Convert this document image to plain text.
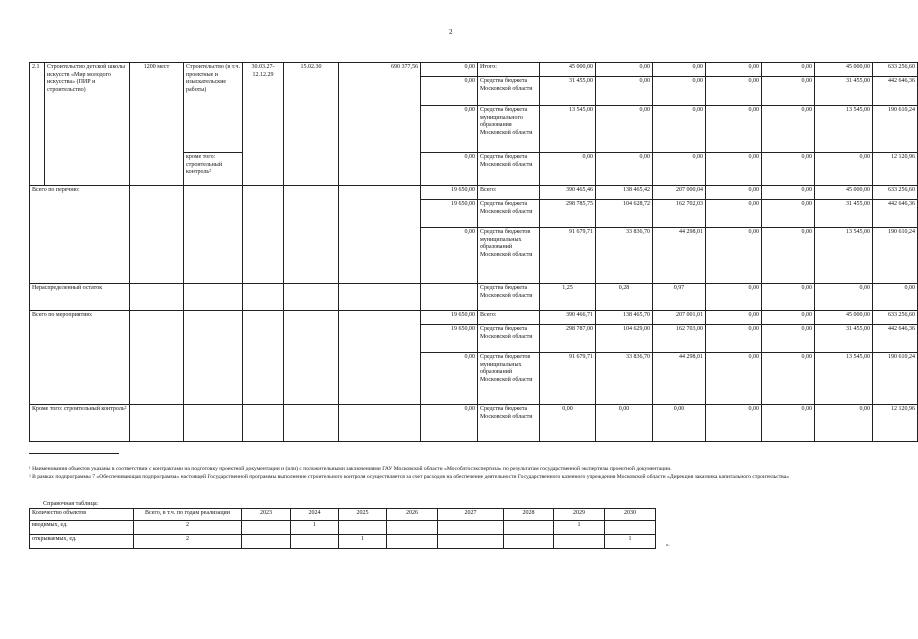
2
2.1	Строительство детской школы искусств «Мир молодого искусства» (ПИР и строительство)	1200 мест	Строительство (в т.ч. проектные и изыскательские работы)	30.03.27-12.12.29	15.02.30	690 377,56	0,00	Итого:	45 000,00	0,00	0,00	0,00	0,00	45 000,00	633 256,60
							0,00	Средства бюджета Московской области	31 455,00	0,00	0,00	0,00	0,00	31 455,00	442 646,36
							0,00	Средства бюджета муниципального образования Московской области	13 545,00	0,00	0,00	0,00	0,00	13 545,00	190 610,24
			кроме того: строительный контроль²				0,00	Средства бюджета Московской области	0,00	0,00	0,00	0,00	0,00	0,00	12 120,96
Всего по перечню:							19 650,00	Всего:	390 465,46	138 465,42	207 000,04	0,00	0,00	45 000,00	633 256,60
							19 650,00	Средства бюджета Московской области	298 785,75	104 628,72	162 702,03	0,00	0,00	31 455,00	442 646,36
							0,00	Средства бюджетов муниципальных образований Московской области	91 679,71	33 836,70	44 298,01	0,00	0,00	13 545,00	190 610,24
Нераспределенный остаток								Средства бюджета Московской области	1,25	0,28	0,97	0,00	0,00	0,00	0,00
Всего по мероприятию:							19 650,00	Всего:	390 466,71	138 465,70	207 001,01	0,00	0,00	45 000,00	633 256,60
							19 650,00	Средства бюджета Московской области	298 787,00	104 629,00	162 703,00	0,00	0,00	31 455,00	442 646,36
							0,00	Средства бюджетов муниципальных образований Московской области	91 679,71	33 836,70	44 298,01	0,00	0,00	13 545,00	190 610,24
Кроме того: строительный контроль²							0,00	Средства бюджета Московской области	0,00	0,00	0,00	0,00	0,00	0,00	12 120,96
¹ Наименования объектов указаны в соответствии с контрактами на подготовку проектной документации и (или) с положительными заключениями ГАУ Московской области «Мособлгосэкспертиза» по результатам государственной экспертизы проектной документации.
² В рамках подпрограммы 7 «Обеспечивающая подпрограмма» настоящей Государственной программы выполнение строительного контроля осуществляется за счет расходов на обеспечение деятельности Государственного казенного учреждения Московской области «Дирекция заказчика капитального строительства»
Справочная таблица:
Количество объектов	Всего, в т.ч. по годам реализации	2023	2024	2025	2026	2027	2028	2029	2030
вводимых, ед.	2		1					1	
открываемых, ед.	2			1					1
».
